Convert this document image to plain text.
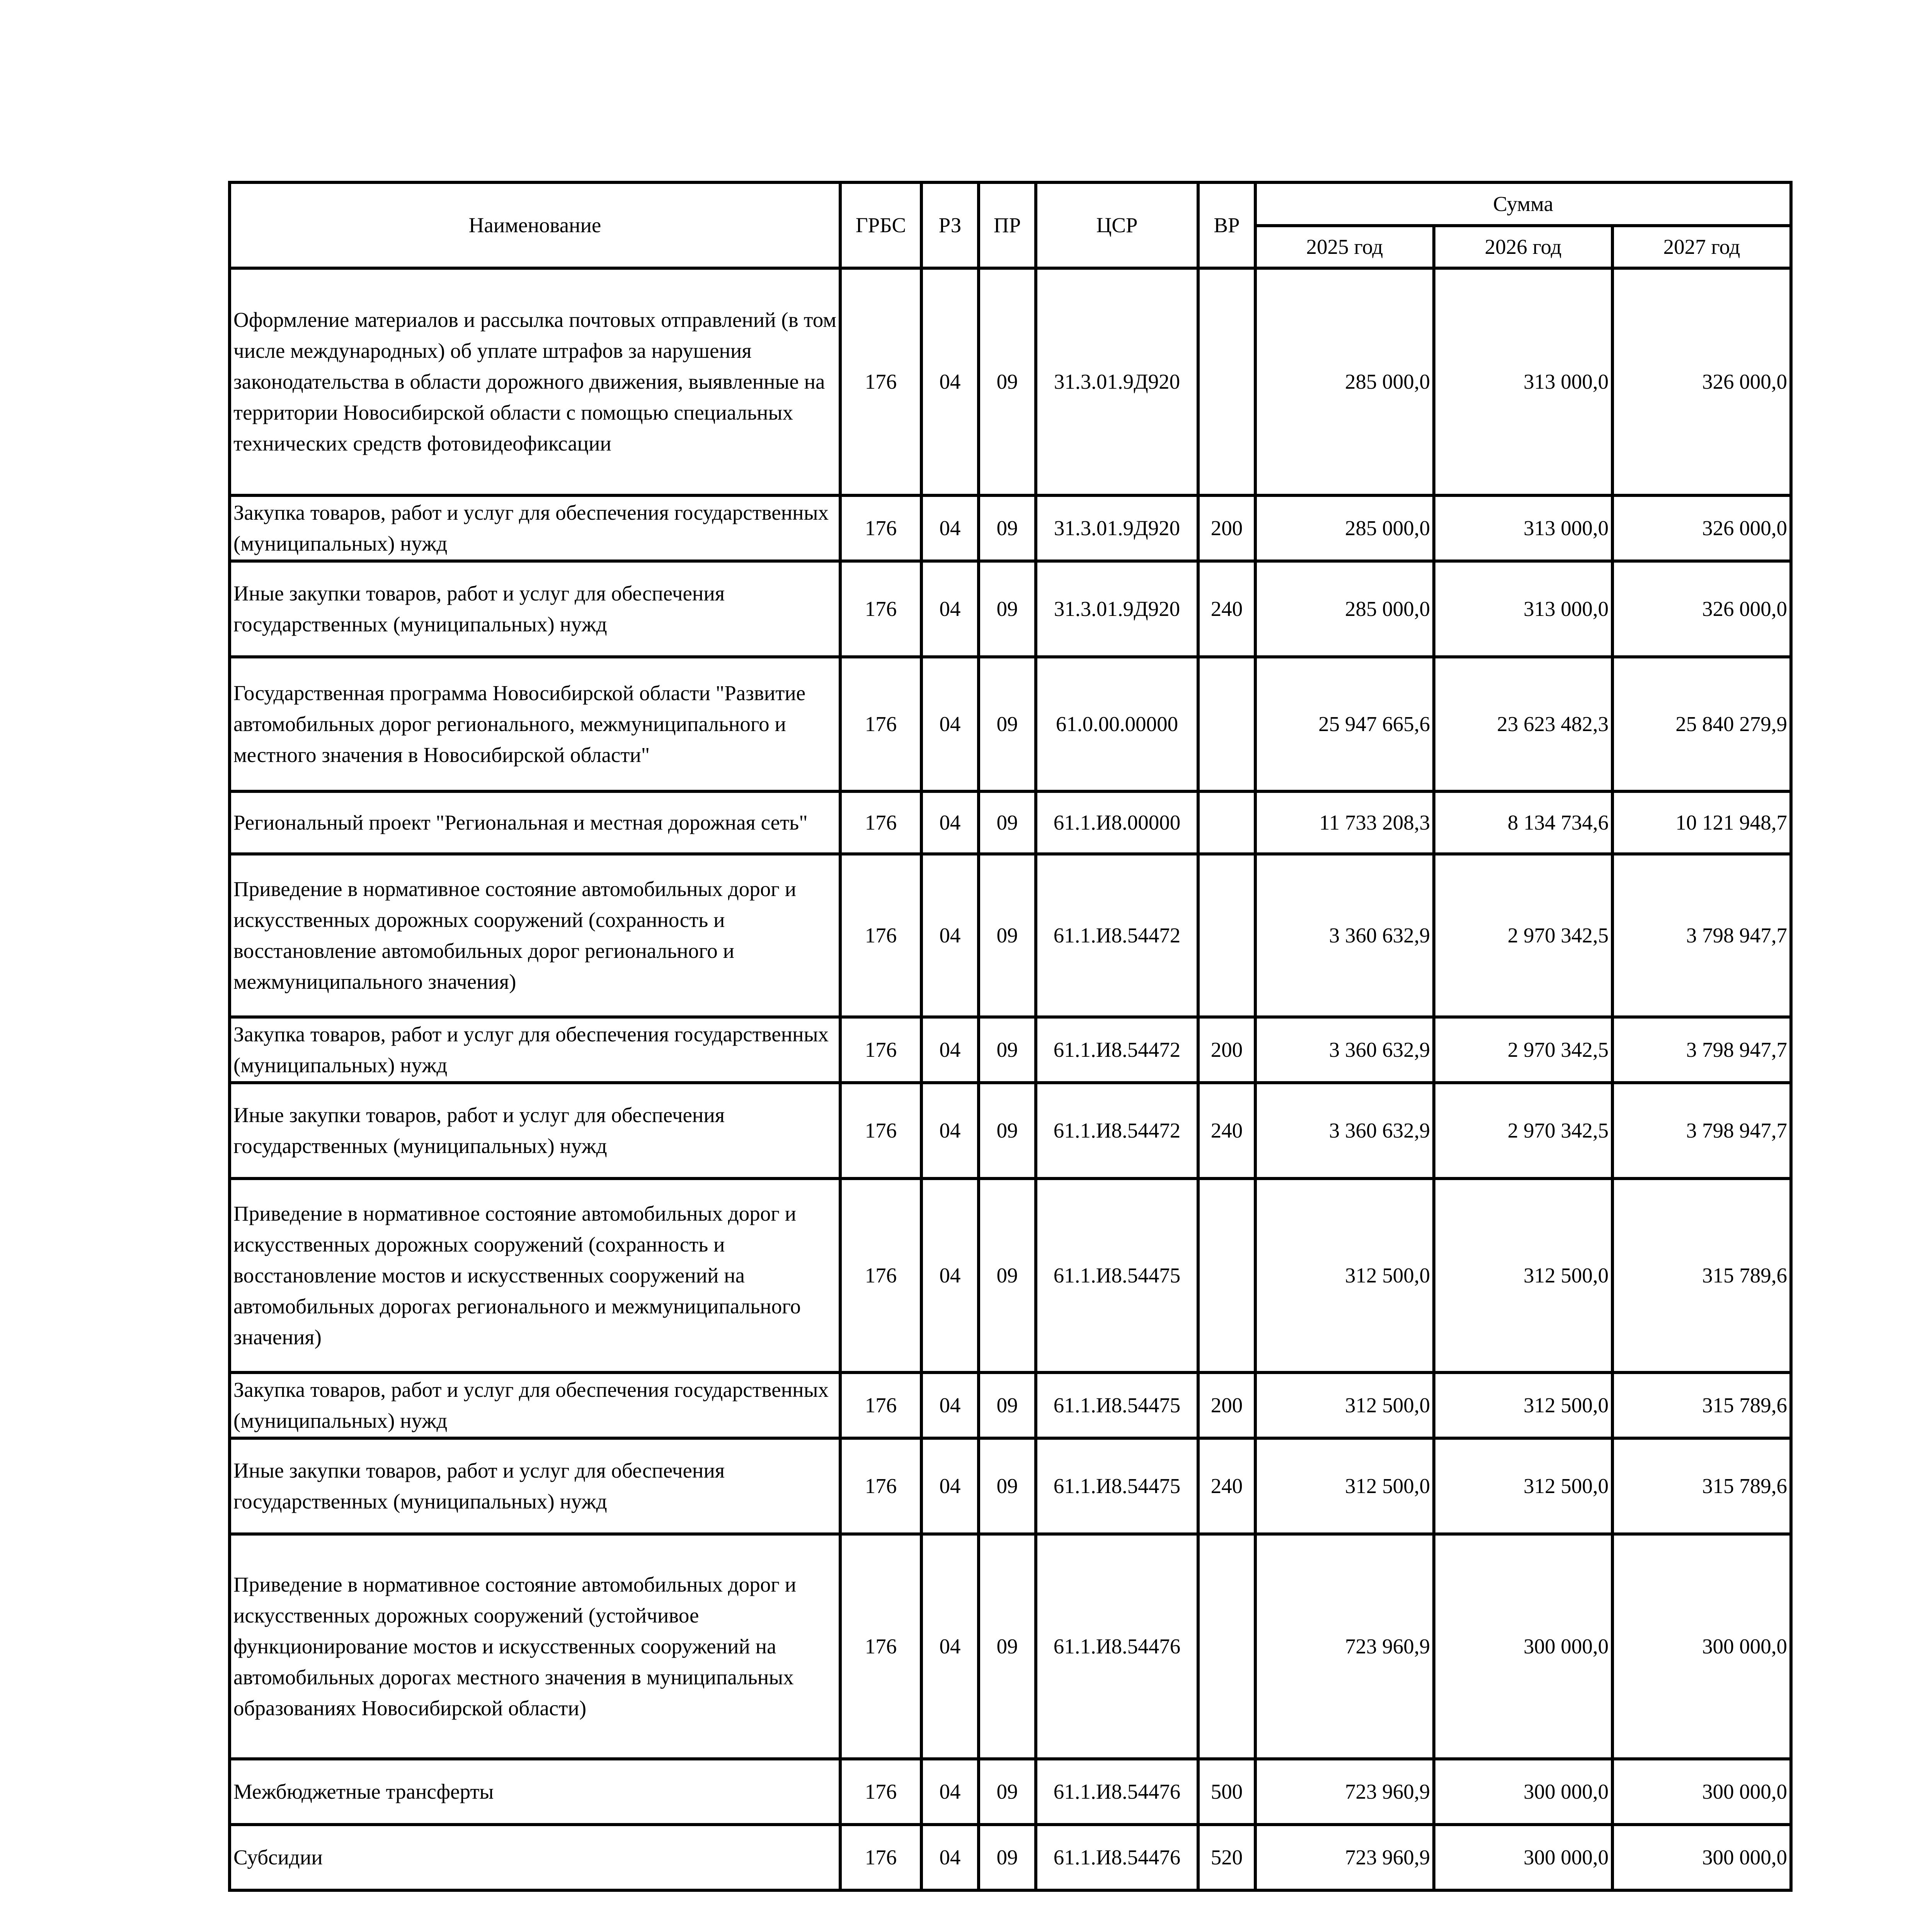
Наименование	ГРБС	РЗ	ПР	ЦСР	ВР	Сумма		
						2025 год	2026 год	2027 год
Оформление материалов и рассылка почтовых отправлений (в том числе международных) об уплате штрафов за нарушения законодательства в области дорожного движения, выявленные на территории Новосибирской области с помощью специальных технических средств фотовидеофиксации	176	04	09	31.3.01.9Д920		285 000,0	313 000,0	326 000,0
Закупка товаров, работ и услуг для обеспечения государственных (муниципальных) нужд	176	04	09	31.3.01.9Д920	200	285 000,0	313 000,0	326 000,0
Иные закупки товаров, работ и услуг для обеспечения государственных (муниципальных) нужд	176	04	09	31.3.01.9Д920	240	285 000,0	313 000,0	326 000,0
Государственная программа Новосибирской области "Развитие автомобильных дорог регионального, межмуниципального и местного значения в Новосибирской области"	176	04	09	61.0.00.00000		25 947 665,6	23 623 482,3	25 840 279,9
Региональный проект "Региональная и местная дорожная сеть"	176	04	09	61.1.И8.00000		11 733 208,3	8 134 734,6	10 121 948,7
Приведение в нормативное состояние автомобильных дорог и искусственных дорожных сооружений (сохранность и восстановление автомобильных дорог регионального и межмуниципального значения)	176	04	09	61.1.И8.54472		3 360 632,9	2 970 342,5	3 798 947,7
Закупка товаров, работ и услуг для обеспечения государственных (муниципальных) нужд	176	04	09	61.1.И8.54472	200	3 360 632,9	2 970 342,5	3 798 947,7
Иные закупки товаров, работ и услуг для обеспечения государственных (муниципальных) нужд	176	04	09	61.1.И8.54472	240	3 360 632,9	2 970 342,5	3 798 947,7
Приведение в нормативное состояние автомобильных дорог и искусственных дорожных сооружений (сохранность и восстановление мостов и искусственных сооружений на автомобильных дорогах регионального и межмуниципального значения)	176	04	09	61.1.И8.54475		312 500,0	312 500,0	315 789,6
Закупка товаров, работ и услуг для обеспечения государственных (муниципальных) нужд	176	04	09	61.1.И8.54475	200	312 500,0	312 500,0	315 789,6
Иные закупки товаров, работ и услуг для обеспечения государственных (муниципальных) нужд	176	04	09	61.1.И8.54475	240	312 500,0	312 500,0	315 789,6
Приведение в нормативное состояние автомобильных дорог и искусственных дорожных сооружений (устойчивое функционирование мостов и искусственных сооружений на автомобильных дорогах местного значения в муниципальных образованиях Новосибирской области)	176	04	09	61.1.И8.54476		723 960,9	300 000,0	300 000,0
Межбюджетные трансферты	176	04	09	61.1.И8.54476	500	723 960,9	300 000,0	300 000,0
Субсидии	176	04	09	61.1.И8.54476	520	723 960,9	300 000,0	300 000,0
